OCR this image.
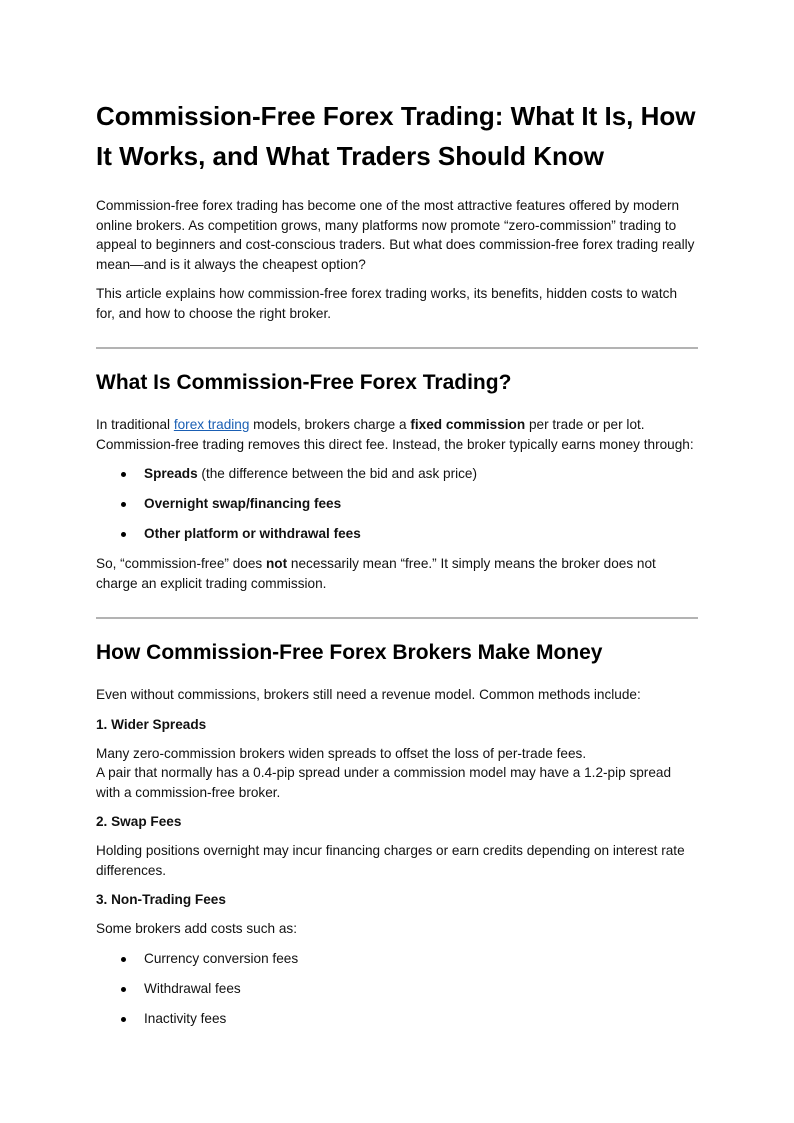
Commission-Free Forex Trading: What It Is, How It Works, and What Traders Should Know

Commission-free forex trading has become one of the most attractive features offered by modern online brokers. As competition grows, many platforms now promote “zero-commission” trading to appeal to beginners and cost-conscious traders. But what does commission-free forex trading really mean—and is it always the cheapest option?

This article explains how commission-free forex trading works, its benefits, hidden costs to watch for, and how to choose the right broker.

What Is Commission-Free Forex Trading?

In traditional forex trading models, brokers charge a fixed commission per trade or per lot. Commission-free trading removes this direct fee. Instead, the broker typically earns money through:

Spreads (the difference between the bid and ask price)
Overnight swap/financing fees
Other platform or withdrawal fees

So, “commission-free” does not necessarily mean “free.” It simply means the broker does not charge an explicit trading commission.

How Commission-Free Forex Brokers Make Money

Even without commissions, brokers still need a revenue model. Common methods include:

1. Wider Spreads

Many zero-commission brokers widen spreads to offset the loss of per-trade fees.
A pair that normally has a 0.4-pip spread under a commission model may have a 1.2-pip spread with a commission-free broker.

2. Swap Fees

Holding positions overnight may incur financing charges or earn credits depending on interest rate differences.

3. Non-Trading Fees

Some brokers add costs such as:

Currency conversion fees
Withdrawal fees
Inactivity fees
